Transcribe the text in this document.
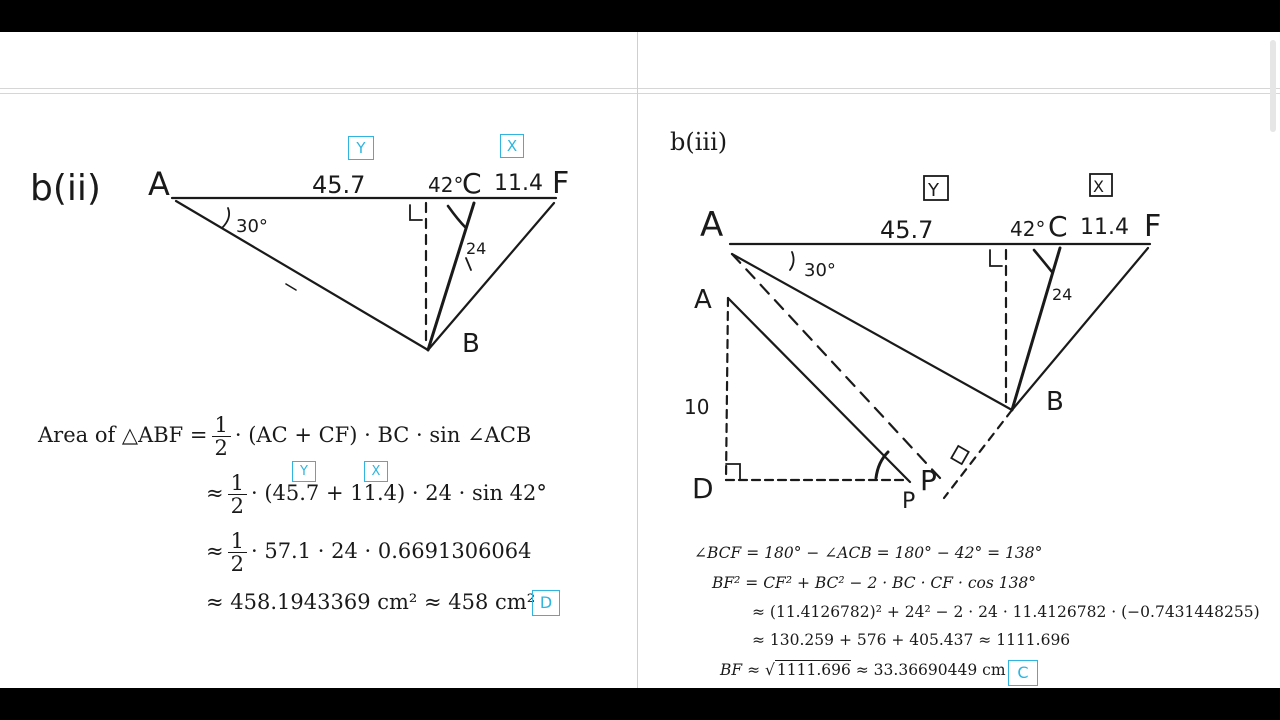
b(ii) A	45.7	42°
C 11.4 F
30°
24
B
Y	X
Area of △ABF = $\frac{1}{2} \cdot (AC + CF)$ · BC · sin ∠ACB
≈ $\frac{1}{2} \cdot (45.7 + 11.4) \cdot 24 \cdot \sin 42^\circ$
Y	X
≈ $\frac{1}{2} \cdot 57.1 \cdot 24 \cdot 0.6691306064$
≈ 458.1943369 cm² ≈ 458 cm² D
b(iii)
A	45.7	42° C 11.4 F
30°
24
B
A
10
D	P
P
Y	X
∠BCF = 180° − ∠ACB = 180° − 42° = 138°
BF² = CF² + BC² − 2 · BC · CF · cos 138°
≈ (11.4126782)² + 24² − 2 · 24 · 11.4126782 · (−0.7431448255)
≈ 130.259 + 576 + 405.437 ≈ 1111.696
BF ≈ √ 1111.696 ≈ 33.36690449 cm C
